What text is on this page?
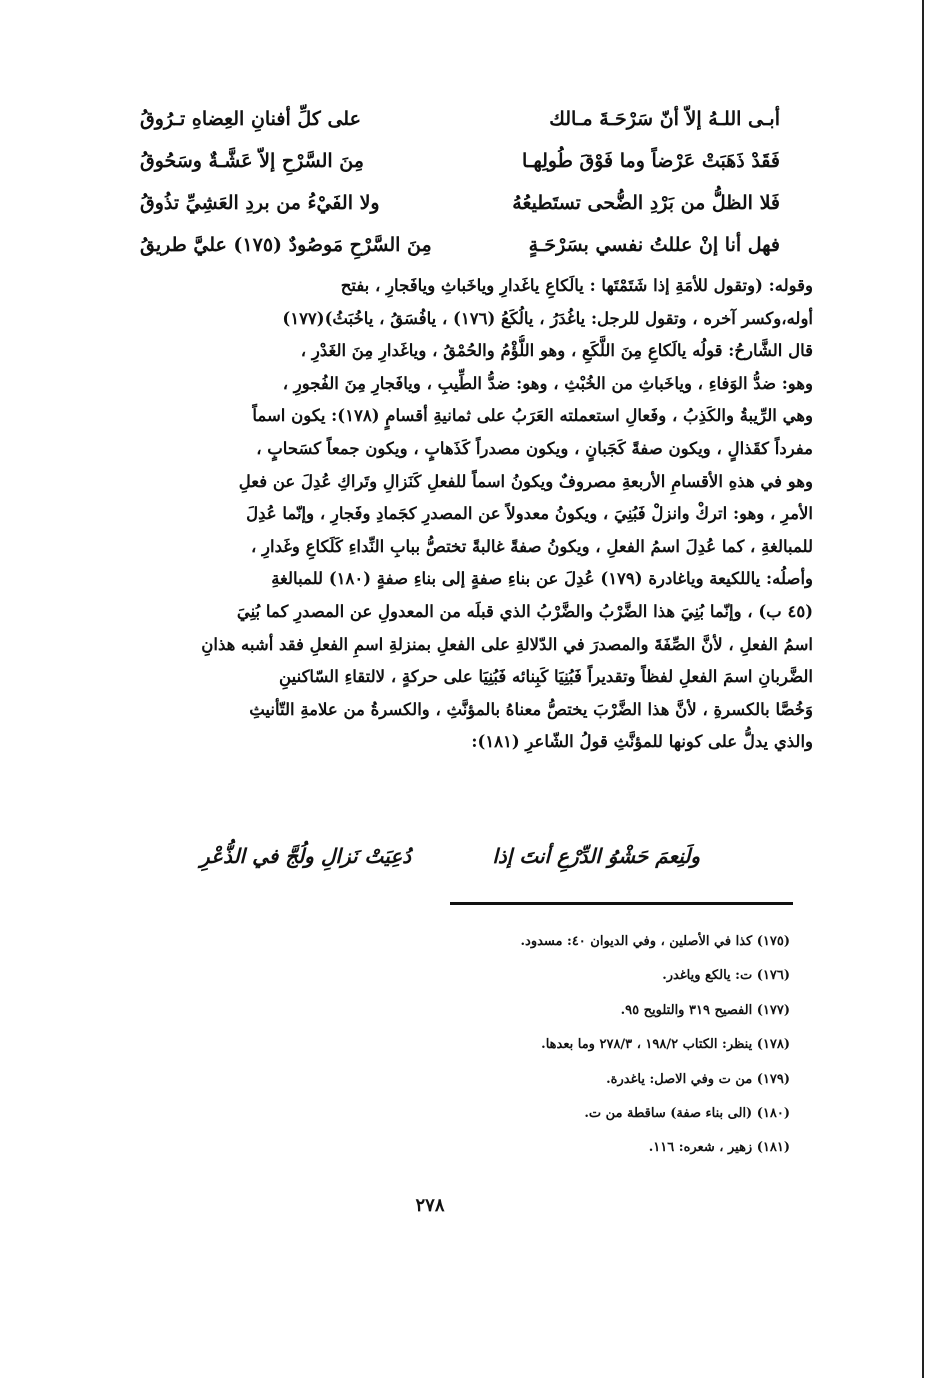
أبـى اللـهُ إلاّ أنّ سَرْحَـةَ مـالك
على كلِّ أفنانِ العِضاهِ تـرُوقُ
فَقَدْ ذَهَبَتْ عَرْضاً وما فَوْقَ طُولِهـا
مِنَ السَّرْحِ إلاّ عَشَّـةٌ وسَحُوقُ
فَلا الظلُّ من بَرْدِ الضُّحى تستَطيعُهُ
ولا الفَيْءُ من بردِ العَشِيِّ تذُوقُ
فهل أنا إنْ عللتُ نفسي بسَرْحَـةٍ
مِنَ السَّرْحِ مَوصُودٌ (١٧٥) عليَّ طريقُ

وقوله: (وتقول للأمَةِ إذا شَتَمْتَها : يالَكاعِ ياغَدارِ وياخَباثِ ويافَجارِ ، بفتح

أوله،وكسر آخره ، وتقول للرجل: ياغُدَرُ ، يالُكَعُ (١٧٦) ، يافُسَقُ ، ياخُبَثُ)(١٧٧)

قال الشَّارحُ: قولُه يالَكاعِ مِنَ اللَّكَعِ ، وهو اللُّؤْمُ والحُمْقُ ، وياغَدارِ مِنَ الغَدْرِ ،

وهو: ضدُّ الوَفاءِ ، وياخَباثِ من الخُبْثِ ، وهو: ضدُّ الطِّيبِ ، ويافَجارِ مِنَ الفُجورِ ،

وهي الرِّيبةُ والكَذِبُ ، وفَعالِ استعملته العَرَبُ على ثمانيةِ أقسامٍ (١٧٨): يكون اسماً

مفرداً كقَذالٍ ، ويكون صفةً كَجَبانٍ ، ويكون مصدراً كَذَهابٍ ، ويكون جمعاً كسَحابٍ ،

وهو في هذهِ الأقسامِ الأربعةِ مصروفٌ ويكونُ اسماً للفعلِ كَنَزالِ وتَراكِ عُدِلَ عن فعلِ

الأمرِ ، وهو: اتركْ وانزلْ فَبُنِيَ ، ويكونُ معدولاً عن المصدرِ كجَمادِ وفَجارِ ، وإنّما عُدِلَ

للمبالغةِ ، كما عُدِلَ اسمُ الفعلِ ، ويكونُ صفةً غالبةً تختصُّ ببابِ النِّداءِ كَلَكاعِ وغَدارِ ،

وأصلُه: ياللكيعة وياغادرة (١٧٩) عُدِلَ عن بناءِ صفةٍ إلى بناءِ صفةٍ (١٨٠) للمبالغةِ

(٤٥ ب) ، وإنّما بُنِيَ هذا الضَّرْبُ والضَّرْبُ الذي قبلَه من المعدولِ عن المصدرِ كما بُنِيَ

اسمُ الفعلِ ، لأنَّ الصِّفَةَ والمصدرَ في الدّلالةِ على الفعلِ بمنزلةِ اسمِ الفعلِ فقد أشبه هذانِ

الضَّربانِ اسمَ الفعلِ لفظاً وتقديراً فَبُنِيَا كَبِنائه فَبُنِيَا على حركةٍ ، لالتقاءِ السّاكنينِ

وَخُصَّا بالكسرةِ ، لأنَّ هذا الضَّرْبَ يختصُّ معناهُ بالمؤنَّثِ ، والكسرةُ من علامةِ التّأنيثِ

والذي يدلُّ على كونها للمؤنَّثِ قولُ الشّاعرِ (١٨١):

ولَنِعمَ حَشْوُ الدِّرْعِ أنتَ إذا
دُعِيَتْ نَزالِ ولُجَّ في الذُّعْرِ
(١٧٥) كذا في الأصلين ، وفي الديوان ٤٠: مسدود.
(١٧٦) ت: يالكع وياغدر.
(١٧٧) الفصيح ٣١٩ والتلويح ٩٥.
(١٧٨) ينظر: الكتاب ١٩٨/٢ ، ٢٧٨/٣ وما بعدها.
(١٧٩) من ت وفي الاصل: ياغدرة.
(١٨٠) (الى بناء صفة) ساقطة من ت.
(١٨١) زهير ، شعره: ١١٦.
٢٧٨
